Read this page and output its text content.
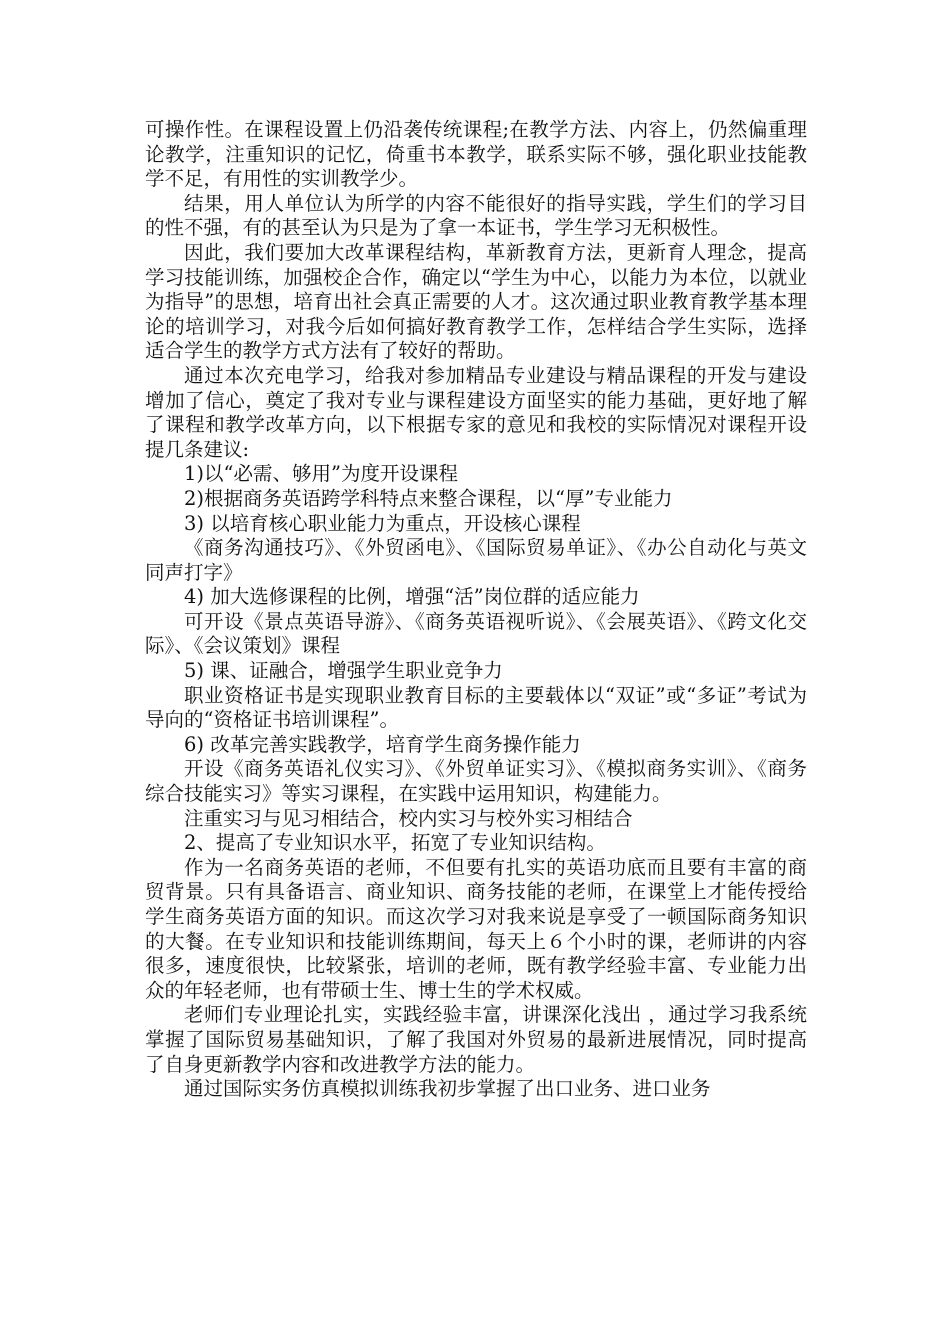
可操作性。在课程设置上仍沿袭传统课程;在教学方法、内容上，仍然偏重理论教学，注重知识的记忆，倚重书本教学，联系实际不够，强化职业技能教学不足，有用性的实训教学少。

结果，用人单位认为所学的内容不能很好的指导实践，学生们的学习目的性不强，有的甚至认为只是为了拿一本证书，学生学习无积极性。

因此，我们要加大改革课程结构，革新教育方法，更新育人理念，提高学习技能训练，加强校企合作，确定以“学生为中心，以能力为本位，以就业为指导”的思想，培育出社会真正需要的人才。这次通过职业教育教学基本理论的培训学习，对我今后如何搞好教育教学工作，怎样结合学生实际，选择适合学生的教学方式方法有了较好的帮助。

通过本次充电学习，给我对参加精品专业建设与精品课程的开发与建设增加了信心，奠定了我对专业与课程建设方面坚实的能力基础，更好地了解了课程和教学改革方向，以下根据专家的意见和我校的实际情况对课程开设提几条建议:

1)以“必需、够用”为度开设课程

2)根据商务英语跨学科特点来整合课程，以“厚”专业能力

3) 以培育核心职业能力为重点，开设核心课程

《商务沟通技巧》、《外贸函电》、《国际贸易单证》、《办公自动化与英文同声打字》

4) 加大选修课程的比例，增强“活”岗位群的适应能力

可开设《景点英语导游》、《商务英语视听说》、《会展英语》、《跨文化交际》、《会议策划》课程

5) 课、证融合，增强学生职业竞争力

职业资格证书是实现职业教育目标的主要载体以“双证”或“多证”考试为导向的“资格证书培训课程”。

6) 改革完善实践教学，培育学生商务操作能力

开设《商务英语礼仪实习》、《外贸单证实习》、《模拟商务实训》、《商务综合技能实习》等实习课程，在实践中运用知识，构建能力。

注重实习与见习相结合，校内实习与校外实习相结合

2、提高了专业知识水平，拓宽了专业知识结构。

作为一名商务英语的老师，不但要有扎实的英语功底而且要有丰富的商贸背景。只有具备语言、商业知识、商务技能的老师，在课堂上才能传授给学生商务英语方面的知识。而这次学习对我来说是享受了一顿国际商务知识的大餐。在专业知识和技能训练期间，每天上６个小时的课，老师讲的内容很多，速度很快，比较紧张，培训的老师，既有教学经验丰富、专业能力出众的年轻老师，也有带硕士生、博士生的学术权威。

老师们专业理论扎实，实践经验丰富，讲课深化浅出 ，通过学习我系统掌握了国际贸易基础知识，了解了我国对外贸易的最新进展情况，同时提高了自身更新教学内容和改进教学方法的能力。

通过国际实务仿真模拟训练我初步掌握了出口业务、进口业务
